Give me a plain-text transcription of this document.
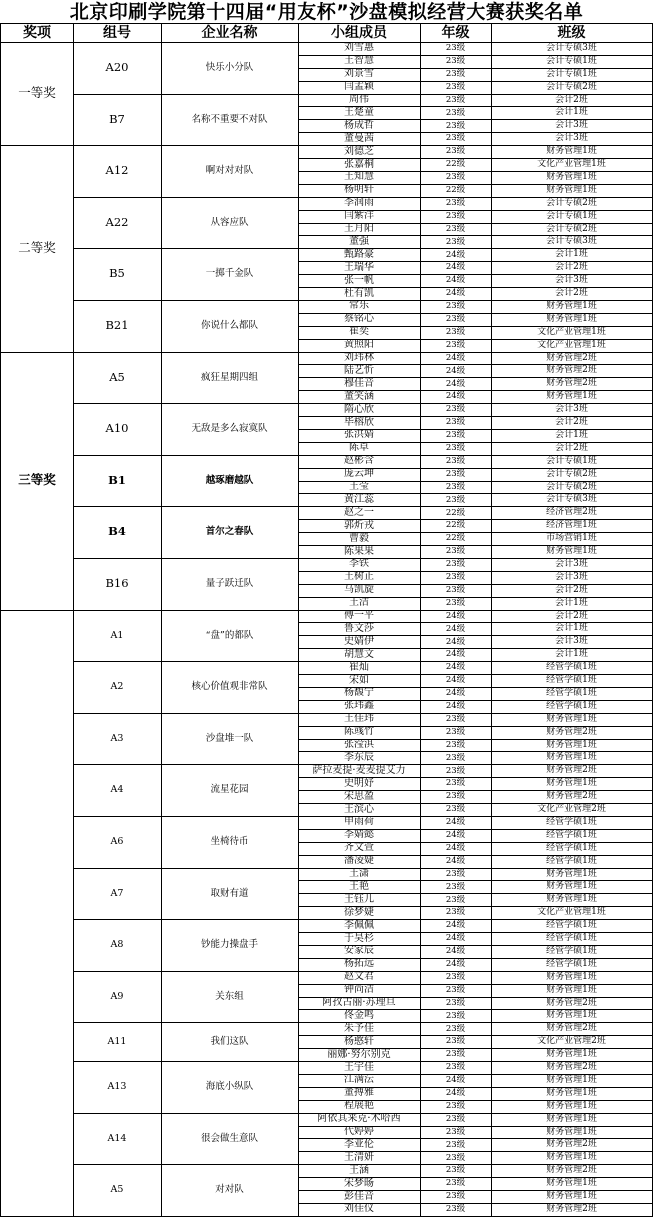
北京印刷学院第十四届“用友杯”沙盘模拟经营大赛获奖名单
奖项	组号	企业名称	小组成员	年级	班级
一等奖
A20	快乐小分队
刘雪惠	23级	会计专硕3班
王智慧	23级	会计专硕1班
刘景雪	23级	会计专硕1班
闫孟颖	23级	会计专硕2班
B7	名称不重要不对队
周伟	23级	会计2班
王楚童	23级	会计1班
杨成哲	23级	会计3班
董曼茜	23级	会计3班
二等奖
A12	啊对对对队
刘德芝	23级	财务管理1班
张嘉桐	22级	文化产业管理1班
王知慧	23级	财务管理1班
杨明轩	22级	财务管理1班
A22	从容应队
李润雨	23级	会计专硕2班
闫紫洋	23级	会计专硕1班
王月阳	23级	会计专硕2班
董强	23级	会计专硕3班
B5	一掷千金队
甄路豪	24级	会计1班
王瑞华	24级	会计2班
张一帆	24级	会计3班
杜有凯	24级	会计2班
B21	你说什么都队
常乐	23级	财务管理1班
蔡铭心	23级	财务管理1班
崔奕	23级	文化产业管理1班
黄照阳	23级	文化产业管理1班
三等奖
A5	疯狂星期四组
刘玮林	24级	财务管理2班
陆艺忻	24级	财务管理2班
穆佳音	24级	财务管理2班
董笑涵	24级	财务管理1班
A10	无敌是多么寂寞队
隋心欣	23级	会计3班
毕榕欣	23级	会计2班
张洪婧	23级	会计1班
陈卓	23级	会计2班
B1	越琢磨越队
赵彬含	23级	会计专硕1班
庞云坤	23级	会计专硕2班
王莹	23级	会计专硕2班
黄江蕊	23级	会计专硕3班
B4	首尔之春队
赵之一	22级	经济管理2班
郭炘戎	22级	经济管理1班
曹毅	22级	市场营销1班
陈果果	23级	财务管理1班
B16	量子跃迁队
李铁	23级	会计3班
王树正	23级	会计3班
马凯旋	23级	会计2班
王洁	23级	会计1班
A1	“盘”的都队
傅一平	24级	会计2班
鲁文莎	24级	会计1班
史婧伊	24级	会计3班
胡慧文	24级	会计1班
A2	核心价值观非常队
崔灿	24级	经管学硕1班
宋如	24级	经管学硕1班
杨馥宁	24级	经管学硕1班
张玮鑫	24级	经管学硕1班
A3	沙盘堆一队
王佳玮	23级	财务管理1班
陈彧竹	23级	财务管理2班
张滢淇	23级	财务管理1班
李东辰	23级	财务管理1班
A4	流星花园
萨拉麦提·麦麦提艾力	23级	财务管理2班
史明妤	23级	财务管理1班
宋思盈	23级	财务管理2班
王滨心	23级	文化产业管理2班
A6	坐椅待币
申雨荷	24级	经管学硕1班
李婧懿	24级	经管学硕1班
齐文萱	24级	经管学硕1班
潘凌婕	24级	经管学硕1班
A7	取财有道
王潇	23级	财务管理1班
王艳	23级	财务管理1班
王钰儿	23级	财务管理1班
徐梦婕	23级	文化产业管理1班
A8	钞能力操盘手
李佩佩	24级	经管学硕1班
于昊杉	24级	经管学硕1班
安家辰	24级	经管学硕1班
杨拓远	24级	经管学硕1班
A9	关东组
赵文君	23级	财务管理1班
钟尚洁	23级	财务管理1班
阿孜古丽·苏理旦	23级	财务管理2班
佟金鸣	23级	财务管理1班
A11	我们这队
朱予佳	23级	财务管理2班
杨憨轩	23级	文化产业管理2班
丽娜·努尔别克	23级	财务管理1班
A13	海底小纵队
王宇佳	23级	财务管理2班
江满沄	24级	财务管理1班
董搏雅	24级	财务管理1班
程展艳	23级	财务管理1班
A14	很会做生意队
阿依其来克·木哈西	23级	财务管理1班
代婷婷	23级	财务管理1班
李亚伦	23级	财务管理2班
王清妍	23级	财务管理1班
A5	对对队
王涵	23级	财务管理2班
宋梦旸	23级	财务管理1班
彭佳音	23级	财务管理1班
刘佳仪	23级	财务管理2班
